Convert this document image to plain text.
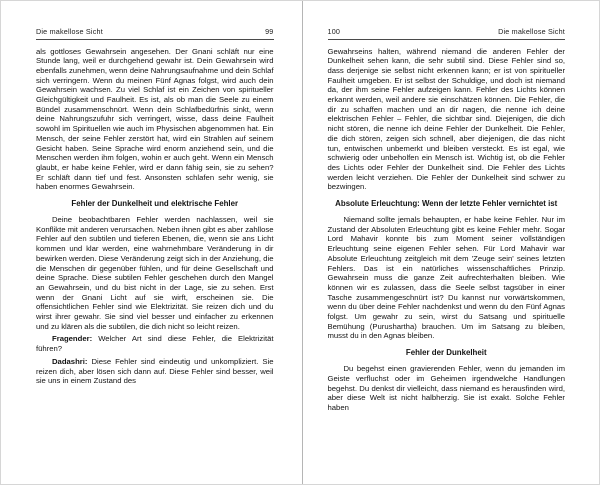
Die makellose Sicht	99

als gottloses Gewahrsein angesehen. Der Gnani schläft nur eine Stunde lang, weil er durchgehend gewahr ist. Dein Gewahrsein wird ebenfalls zunehmen, wenn deine Nahrungsaufnahme und dein Schlaf sich verringern. Wenn du meinen Fünf Agnas folgst, wird auch dein Gewahrsein wachsen. Zu viel Schlaf ist ein Zeichen von spiritueller Gleichgültigkeit und Faulheit. Es ist, als ob man die Seele zu einem Bündel zusammenschnürt. Wenn dein Schlafbedürfnis sinkt, wenn deine Nahrungszufuhr sich verringert, wisse, dass deine Faulheit sowohl im Spirituellen wie auch im Physischen abgenommen hat. Ein Mensch, der seine Fehler zerstört hat, wird ein Strahlen auf seinem Gesicht haben. Seine Sprache wird enorm anziehend sein, und die Menschen werden ihm folgen, wohin er auch geht. Wenn ein Mensch glaubt, er habe keine Fehler, wird er dann fähig sein, sie zu sehen? Er schläft dann tief und fest. Ansonsten schlafen sehr wenig, sie haben enormes Gewahrsein.

Fehler der Dunkelheit und elektrische Fehler

Deine beobachtbaren Fehler werden nachlassen, weil sie Konflikte mit anderen verursachen. Neben ihnen gibt es aber zahllose Fehler auf den subtilen und tieferen Ebenen, die, wenn sie ans Licht kommen und klar werden, eine wahrnehmbare Veränderung in dir bewirken werden. Diese Veränderung zeigt sich in der Anziehung, die die Menschen dir gegenüber fühlen, und für deine Gesellschaft und deine Sprache. Diese subtilen Fehler geschehen durch den Mangel an Gewahrsein, und du bist nicht in der Lage, sie zu sehen. Erst wenn der Gnani Licht auf sie wirft, erscheinen sie. Die offensichtlichen Fehler sind wie Elektrizität. Sie reizen dich und du wirst ihrer gewahr. Sie sind viel besser und einfacher zu erkennen und zu klären als die subtilen, die dich nicht so leicht reizen.

Fragender: Welcher Art sind diese Fehler, die Elektrizität führen?

Dadashri: Diese Fehler sind eindeutig und unkompliziert. Sie reizen dich, aber lösen sich dann auf. Diese Fehler sind besser, weil sie uns in einem Zustand des

100	Die makellose Sicht

Gewahrseins halten, während niemand die anderen Fehler der Dunkelheit sehen kann, die sehr subtil sind. Diese Fehler sind so, dass derjenige sie selbst nicht erkennen kann; er ist von spiritueller Faulheit umgeben. Er ist selbst der Schuldige, und doch ist niemand da, der ihm seine Fehler aufzeigen kann. Fehler des Lichts können erkannt werden, weil andere sie einschätzen können. Die Fehler, die dir zu schaffen machen und an dir nagen, die nenne ich deine elektrischen Fehler – Fehler, die sichtbar sind. Diejenigen, die dich nicht stören, die nenne ich deine Fehler der Dunkelheit. Die Fehler, die dich stören, zeigen sich schnell, aber diejenigen, die das nicht tun, entwischen unbemerkt und bleiben versteckt. Es ist egal, wie schwierig oder unbeholfen ein Mensch ist. Wichtig ist, ob die Fehler des Lichts oder Fehler der Dunkelheit sind. Die Fehler des Lichts werden leicht verziehen. Die Fehler der Dunkelheit sind schwer zu bezwingen.

Absolute Erleuchtung: Wenn der letzte Fehler vernichtet ist

Niemand sollte jemals behaupten, er habe keine Fehler. Nur im Zustand der Absoluten Erleuchtung gibt es keine Fehler mehr. Sogar Lord Mahavir konnte bis zum Moment seiner vollständigen Erleuchtung seine eigenen Fehler sehen. Für Lord Mahavir war Absolute Erleuchtung zeitgleich mit dem 'Zeuge sein' seines letzten Fehlers. Das ist ein natürliches wissenschaftliches Prinzip. Gewahrsein muss die ganze Zeit aufrechterhalten bleiben. Wie können wir es zulassen, dass die Seele selbst tagsüber in einer Tasche zusammengeschnürt ist? Du kannst nur vorwärtskommen, wenn du über deine Fehler nachdenkst und wenn du den Fünf Agnas folgst. Um gewahr zu sein, wirst du Satsang und spirituelle Bemühung (Purushartha) brauchen. Um im Satsang zu bleiben, musst du in den Agnas bleiben.

Fehler der Dunkelheit

Du begehst einen gravierenden Fehler, wenn du jemanden im Geiste verfluchst oder im Geheimen irgendwelche Handlungen begehst. Du denkst dir vielleicht, dass niemand es herausfinden wird, aber diese Welt ist nicht halbherzig. Sie ist exakt. Solche Fehler haben
